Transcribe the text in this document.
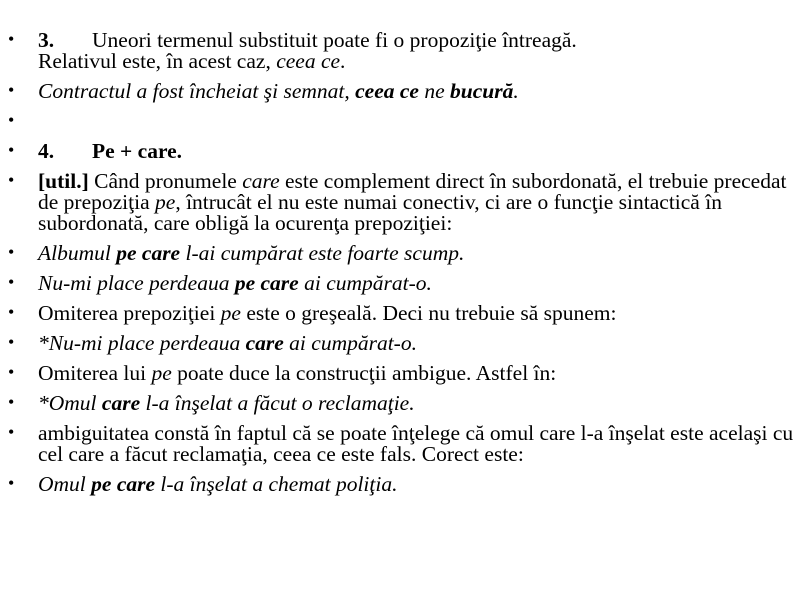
• 3. Uneori termenul substituit poate fi o propoziţie întreagă.
Relativul este, în acest caz, ceea ce.
• Contractul a fost încheiat şi semnat, ceea ce ne bucură.
•
• 4. Pe + care.
• [util.] Când pronumele care este complement direct în subordonată, el trebuie precedat de prepoziţia pe, întrucât el nu este numai conectiv, ci are o funcţie sintactică în subordonată, care obligă la ocurenţa prepoziţiei:
• Albumul pe care l-ai cumpărat este foarte scump.
• Nu-mi place perdeaua pe care ai cumpărat-o.
• Omiterea prepoziţiei pe este o greşeală. Deci nu trebuie să spunem:
• *Nu-mi place perdeaua care ai cumpărat-o.
• Omiterea lui pe poate duce la construcţii ambigue. Astfel în:
• *Omul care l-a înşelat a făcut o reclamaţie.
• ambiguitatea constă în faptul că se poate înţelege că omul care l-a înşelat este acelaşi cu cel care a făcut reclamaţia, ceea ce este fals. Corect este:
• Omul pe care l-a înşelat a chemat poliţia.
